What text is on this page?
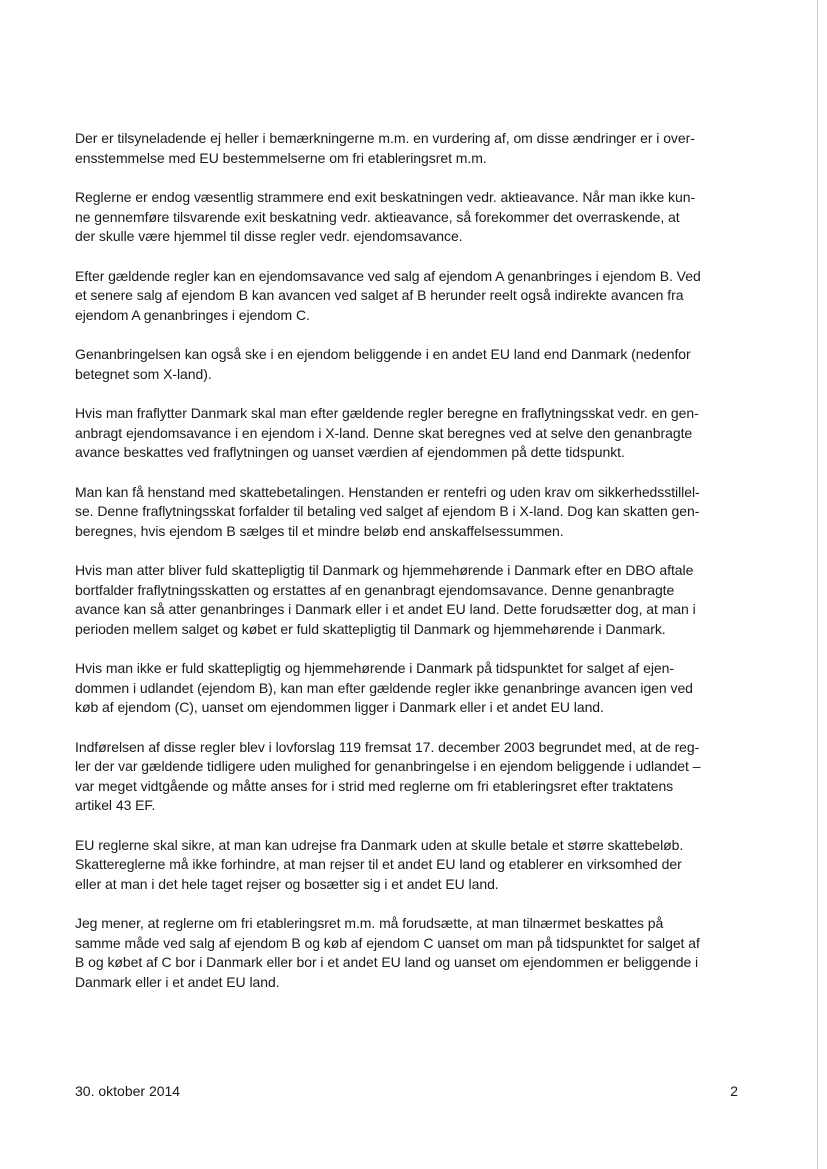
Der er tilsyneladende ej heller i bemærkningerne m.m. en vurdering af, om disse ændringer er i over-
ensstemmelse med EU bestemmelserne om fri etableringsret m.m.

Reglerne er endog væsentlig strammere end exit beskatningen vedr. aktieavance. Når man ikke kun-
ne gennemføre tilsvarende exit beskatning vedr. aktieavance, så forekommer det overraskende, at
der skulle være hjemmel til disse regler vedr. ejendomsavance.

Efter gældende regler kan en ejendomsavance ved salg af ejendom A genanbringes i ejendom B. Ved
et senere salg af ejendom B kan avancen ved salget af B herunder reelt også indirekte avancen fra
ejendom A genanbringes i ejendom C.

Genanbringelsen kan også ske i en ejendom beliggende i en andet EU land end Danmark (nedenfor
betegnet som X-land).

Hvis man fraflytter Danmark skal man efter gældende regler beregne en fraflytningsskat vedr. en gen-
anbragt ejendomsavance i en ejendom i X-land. Denne skat beregnes ved at selve den genanbragte
avance beskattes ved fraflytningen og uanset værdien af ejendommen på dette tidspunkt.

Man kan få henstand med skattebetalingen. Henstanden er rentefri og uden krav om sikkerhedsstillel-
se. Denne fraflytningsskat forfalder til betaling ved salget af ejendom B i X-land. Dog kan skatten gen-
beregnes, hvis ejendom B sælges til et mindre beløb end anskaffelsessummen.

Hvis man atter bliver fuld skattepligtig til Danmark og hjemmehørende i Danmark efter en DBO aftale
bortfalder fraflytningsskatten og erstattes af en genanbragt ejendomsavance. Denne genanbragte
avance kan så atter genanbringes i Danmark eller i et andet EU land. Dette forudsætter dog, at man i
perioden mellem salget og købet er fuld skattepligtig til Danmark og hjemmehørende i Danmark.

Hvis man ikke er fuld skattepligtig og hjemmehørende i Danmark på tidspunktet for salget af ejen-
dommen i udlandet (ejendom B), kan man efter gældende regler ikke genanbringe avancen igen ved
køb af ejendom (C), uanset om ejendommen ligger i Danmark eller i et andet EU land.

Indførelsen af disse regler blev i lovforslag 119 fremsat 17. december 2003 begrundet med, at de reg-
ler der var gældende tidligere uden mulighed for genanbringelse i en ejendom beliggende i udlandet –
var meget vidtgående og måtte anses for i strid med reglerne om fri etableringsret efter traktatens
artikel 43 EF.

EU reglerne skal sikre, at man kan udrejse fra Danmark uden at skulle betale et større skattebeløb.
Skattereglerne må ikke forhindre, at man rejser til et andet EU land og etablerer en virksomhed der
eller at man i det hele taget rejser og bosætter sig i et andet EU land.

Jeg mener, at reglerne om fri etableringsret m.m. må forudsætte, at man tilnærmet beskattes på
samme måde ved salg af ejendom B og køb af ejendom C uanset om man på tidspunktet for salget af
B og købet af C bor i Danmark eller bor i et andet EU land og uanset om ejendommen er beliggende i
Danmark eller i et andet EU land.

30. oktober 2014	2
